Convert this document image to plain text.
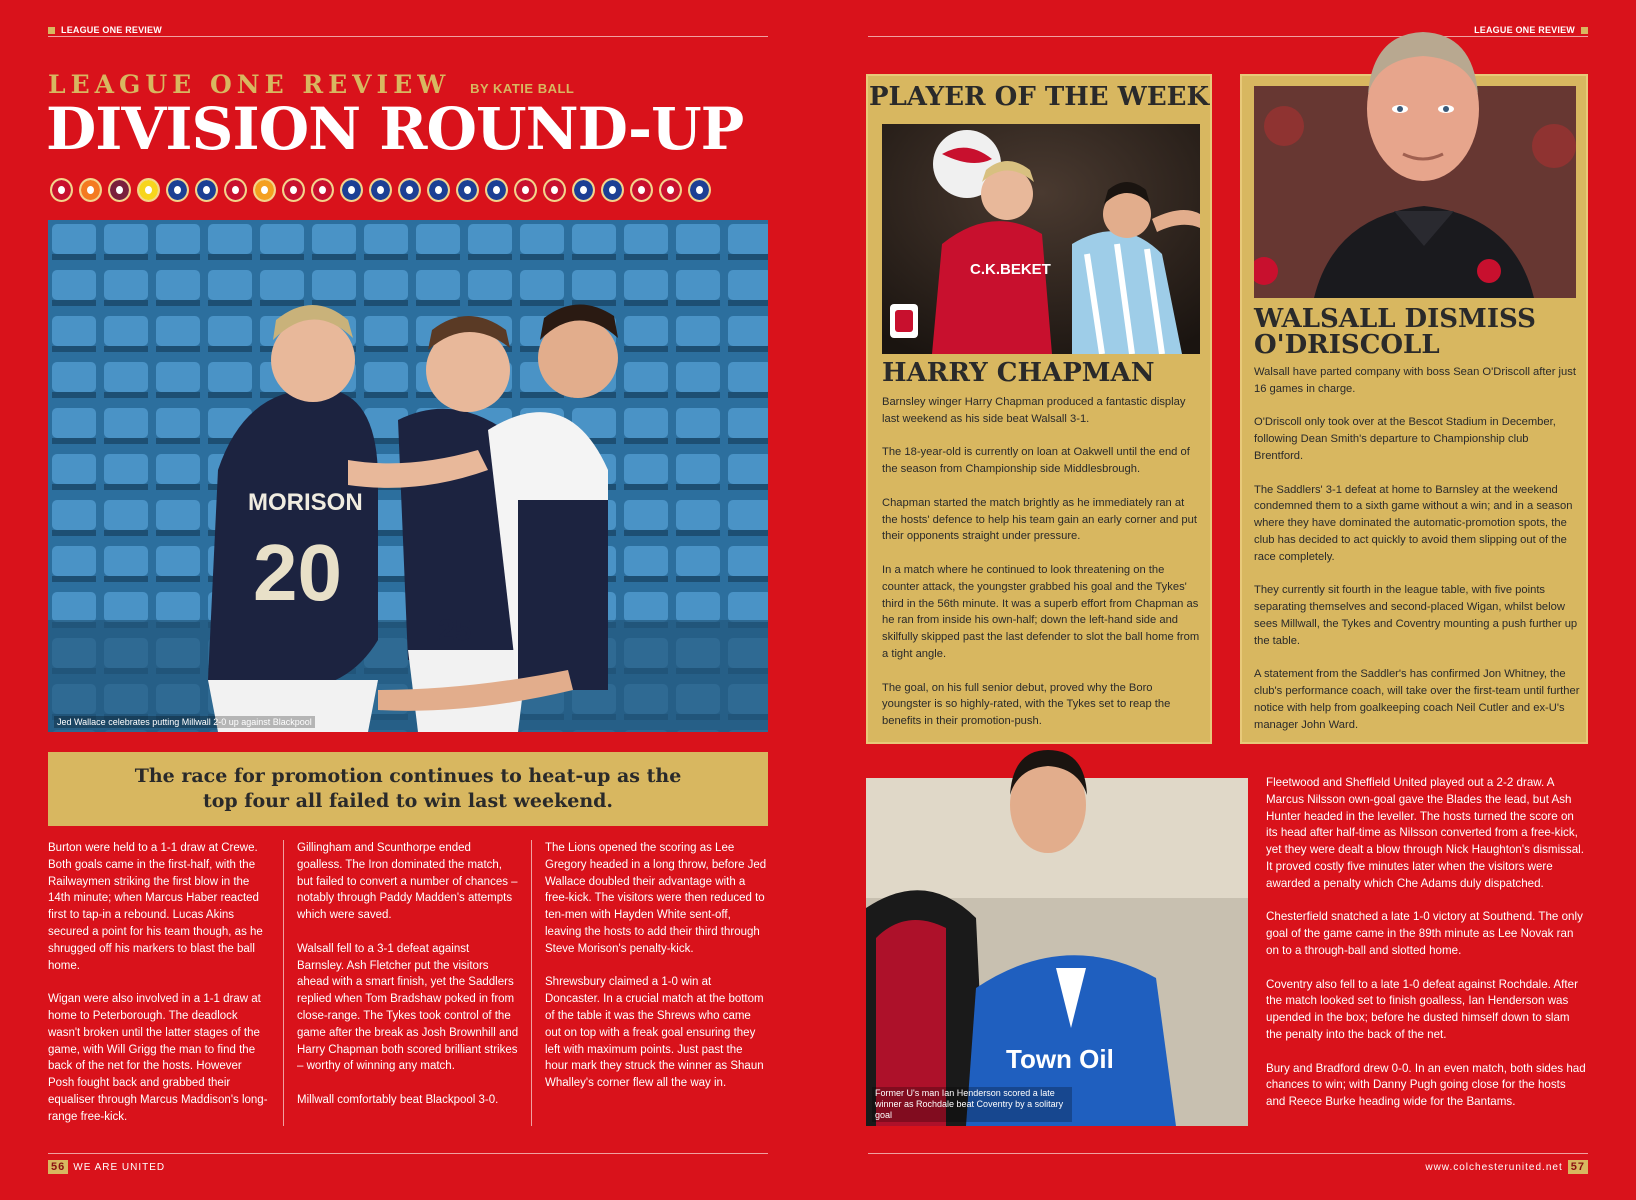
LEAGUE ONE REVIEW
LEAGUE ONE REVIEW BY KATIE BALL
DIVISION ROUND-UP
20
MORISON
25
Jed Wallace celebrates putting Millwall 2-0 up against Blackpool
The race for promotion continues to heat-up as the top four all failed to win last weekend.

Burton were held to a 1-1 draw at Crewe. Both goals came in the first-half, with the Railwaymen striking the first blow in the 14th minute; when Marcus Haber reacted first to tap-in a rebound. Lucas Akins secured a point for his team though, as he shrugged off his markers to blast the ball home.

Wigan were also involved in a 1-1 draw at home to Peterborough. The deadlock wasn't broken until the latter stages of the game, with Will Grigg the man to find the back of the net for the hosts. However Posh fought back and grabbed their equaliser through Marcus Maddison's long-range free-kick.

Gillingham and Scunthorpe ended goalless. The Iron dominated the match, but failed to convert a number of chances – notably through Paddy Madden's attempts which were saved.

Walsall fell to a 3-1 defeat against Barnsley. Ash Fletcher put the visitors ahead with a smart finish, yet the Saddlers replied when Tom Bradshaw poked in from close-range. The Tykes took control of the game after the break as Josh Brownhill and Harry Chapman both scored brilliant strikes – worthy of winning any match.

Millwall comfortably beat Blackpool 3-0.

The Lions opened the scoring as Lee Gregory headed in a long throw, before Jed Wallace doubled their advantage with a free-kick. The visitors were then reduced to ten-men with Hayden White sent-off, leaving the hosts to add their third through Steve Morison's penalty-kick.

Shrewsbury claimed a 1-0 win at Doncaster. In a crucial match at the bottom of the table it was the Shrews who came out on top with a freak goal ensuring they left with maximum points. Just past the hour mark they struck the winner as Shaun Whalley's corner flew all the way in.

56 WE ARE UNITED
LEAGUE ONE REVIEW
PLAYER OF THE WEEK
C.K.BEKET
HARRY CHAPMAN

Barnsley winger Harry Chapman produced a fantastic display last weekend as his side beat Walsall 3-1.

The 18-year-old is currently on loan at Oakwell until the end of the season from Championship side Middlesbrough.

Chapman started the match brightly as he immediately ran at the hosts' defence to help his team gain an early corner and put their opponents straight under pressure.

In a match where he continued to look threatening on the counter attack, the youngster grabbed his goal and the Tykes' third in the 56th minute. It was a superb effort from Chapman as he ran from inside his own-half; down the left-hand side and skilfully skipped past the last defender to slot the ball home from a tight angle.

The goal, on his full senior debut, proved why the Boro youngster is so highly-rated, with the Tykes set to reap the benefits in their promotion-push.

WALSALL DISMISS O'DRISCOLL

Walsall have parted company with boss Sean O'Driscoll after just 16 games in charge.

O'Driscoll only took over at the Bescot Stadium in December, following Dean Smith's departure to Championship club Brentford.

The Saddlers' 3-1 defeat at home to Barnsley at the weekend condemned them to a sixth game without a win; and in a season where they have dominated the automatic-promotion spots, the club has decided to act quickly to avoid them slipping out of the race completely.

They currently sit fourth in the league table, with five points separating themselves and second-placed Wigan, whilst below sees Millwall, the Tykes and Coventry mounting a push further up the table.

A statement from the Saddler's has confirmed Jon Whitney, the club's performance coach, will take over the first-team until further notice with help from goalkeeping coach Neil Cutler and ex-U's manager John Ward.

Town Oil
Former U's man Ian Henderson scored a late winner as Rochdale beat Coventry by a solitary goal

Fleetwood and Sheffield United played out a 2-2 draw. A Marcus Nilsson own-goal gave the Blades the lead, but Ash Hunter headed in the leveller. The hosts turned the score on its head after half-time as Nilsson converted from a free-kick, yet they were dealt a blow through Nick Haughton's dismissal. It proved costly five minutes later when the visitors were awarded a penalty which Che Adams duly dispatched.

Chesterfield snatched a late 1-0 victory at Southend. The only goal of the game came in the 89th minute as Lee Novak ran on to a through-ball and slotted home.

Coventry also fell to a late 1-0 defeat against Rochdale. After the match looked set to finish goalless, Ian Henderson was upended in the box; before he dusted himself down to slam the penalty into the back of the net.

Bury and Bradford drew 0-0. In an even match, both sides had chances to win; with Danny Pugh going close for the hosts and Reece Burke heading wide for the Bantams.

www.colchesterunited.net 57
